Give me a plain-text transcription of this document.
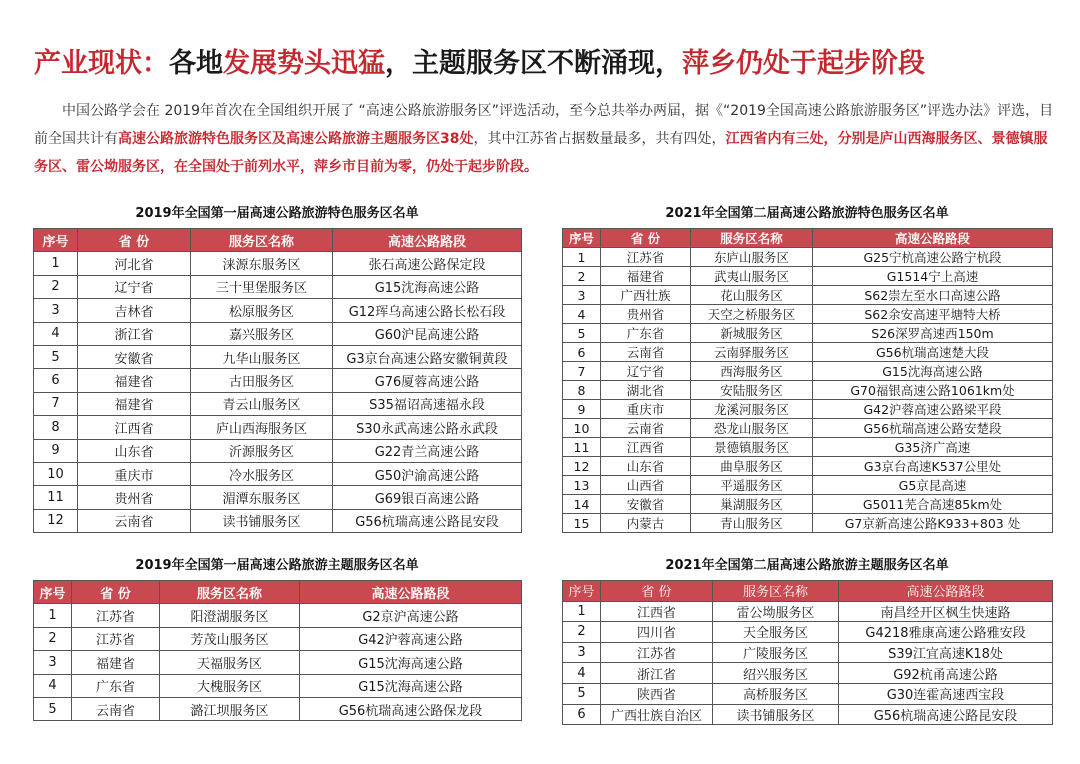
产业现状：各地发展势头迅猛，主题服务区不断涌现，萍乡仍处于起步阶段
中国公路学会在 2019年首次在全国组织开展了 “高速公路旅游服务区”评选活动，至今总共举办两届，据《“2019全国高速公路旅游服务区”评选办法》评选，目前全国共计有高速公路旅游特色服务区及高速公路旅游主题服务区38处，其中江苏省占据数量最多，共有四处，江西省内有三处，分别是庐山西海服务区、景德镇服务区、雷公坳服务区，在全国处于前列水平，萍乡市目前为零，仍处于起步阶段。
2019年全国第一届高速公路旅游特色服务区名单
序号	省 份	服务区名称	高速公路路段
1	河北省	涞源东服务区	张石高速公路保定段
2	辽宁省	三十里堡服务区	G15沈海高速公路
3	吉林省	松原服务区	G12珲乌高速公路长松石段
4	浙江省	嘉兴服务区	G60沪昆高速公路
5	安徽省	九华山服务区	G3京台高速公路安徽铜黄段
6	福建省	古田服务区	G76厦蓉高速公路
7	福建省	青云山服务区	S35福诏高速福永段
8	江西省	庐山西海服务区	S30永武高速公路永武段
9	山东省	沂源服务区	G22青兰高速公路
10	重庆市	冷水服务区	G50沪渝高速公路
11	贵州省	湄潭东服务区	G69银百高速公路
12	云南省	读书铺服务区	G56杭瑞高速公路昆安段
2021年全国第二届高速公路旅游特色服务区名单
序号	省 份	服务区名称	高速公路路段
1	江苏省	东庐山服务区	G25宁杭高速公路宁杭段
2	福建省	武夷山服务区	G1514宁上高速
3	广西壮族	花山服务区	S62崇左至水口高速公路
4	贵州省	天空之桥服务区	S62余安高速平塘特大桥
5	广东省	新城服务区	S26深罗高速西150m
6	云南省	云南驿服务区	G56杭瑞高速楚大段
7	辽宁省	西海服务区	G15沈海高速公路
8	湖北省	安陆服务区	G70福银高速公路1061km处
9	重庆市	龙溪河服务区	G42沪蓉高速公路梁平段
10	云南省	恐龙山服务区	G56杭瑞高速公路安楚段
11	江西省	景德镇服务区	G35济广高速
12	山东省	曲阜服务区	G3京台高速K537公里处
13	山西省	平遥服务区	G5京昆高速
14	安徽省	巢湖服务区	G5011芜合高速85km处
15	内蒙古	青山服务区	G7京新高速公路K933+803 处
2019年全国第一届高速公路旅游主题服务区名单
序号	省 份	服务区名称	高速公路路段
1	江苏省	阳澄湖服务区	G2京沪高速公路
2	江苏省	芳茂山服务区	G42沪蓉高速公路
3	福建省	天福服务区	G15沈海高速公路
4	广东省	大槐服务区	G15沈海高速公路
5	云南省	潞江坝服务区	G56杭瑞高速公路保龙段
2021年全国第二届高速公路旅游主题服务区名单
序号	省 份	服务区名称	高速公路路段
1	江西省	雷公坳服务区	南昌经开区枫生快速路
2	四川省	天全服务区	G4218雅康高速公路雅安段
3	江苏省	广陵服务区	S39江宜高速K18处
4	浙江省	绍兴服务区	G92杭甬高速公路
5	陕西省	高桥服务区	G30连霍高速西宝段
6	广西壮族自治区	读书铺服务区	G56杭瑞高速公路昆安段
